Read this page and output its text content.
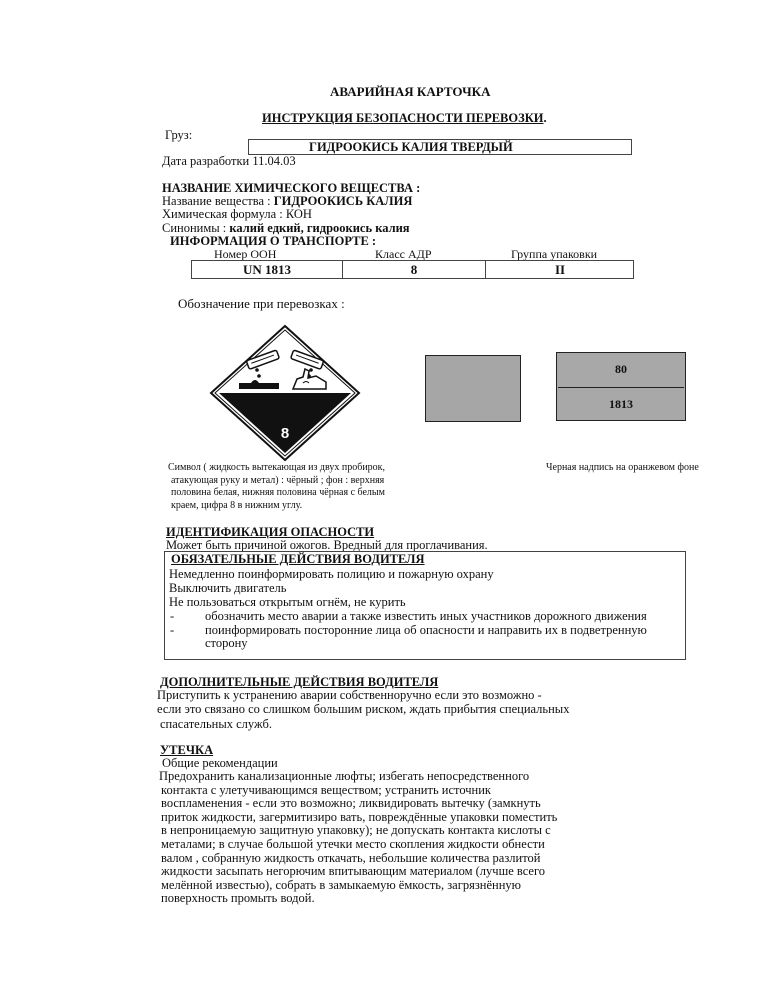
АВАРИЙНАЯ КАРТОЧКА
ИНСТРУКЦИЯ БЕЗОПАСНОСТИ ПЕРЕВОЗКИ.
Груз:
ГИДРООКИСЬ КАЛИЯ ТВЕРДЫЙ
Дата разработки 11.04.03
НАЗВАНИЕ ХИМИЧЕСКОГО ВЕЩЕСТВА :
Название вещества : ГИДРООКИСЬ КАЛИЯ
Химическая формула : КОН
Синонимы : калий едкий, гидроокись калия
ИНФОРМАЦИЯ О ТРАНСПОРТЕ :
Номер ООН	Класс АДР	Группа упаковки
UN 1813	8	II
Обозначение при перевозках :
8
80
1813
Символ ( жидкость вытекающая из двух пробирок,
атакующая руку и метал) : чёрный ; фон : верхняя
половина белая, нижняя половина чёрная с белым
краем, цифра 8 в нижним углу.
Черная надпись на оранжевом фоне
ИДЕНТИФИКАЦИЯ ОПАСНОСТИ
Может быть причиной ожогов. Вредный для проглачивания.
ОБЯЗАТЕЛЬНЫЕ ДЕЙСТВИЯ ВОДИТЕЛЯ
Немедленно поинформировать полицию и пожарную охрану
Выключить двигатель
Не пользоваться открытым огнём, не курить
- обозначить место аварии а также известить иных участников дорожного движения
- поинформировать посторонние лица об опасности и направить их в подветренную
сторону
ДОПОЛНИТЕЛЬНЫЕ ДЕЙСТВИЯ ВОДИТЕЛЯ
Приступить к устранению аварии собственноручно если это возможно -
если это связано со слишком большим риском, ждать прибытия специальных
спасательных служб.
УТЕЧКА
Общие рекомендации
Предохранить канализационные люфты; избегать непосредственного
контакта с улетучивающимся веществом; устранить источник
воспламенения - если это возможно; ликвидировать вытечку (замкнуть
приток жидкости, загермитизиро вать, повреждённые упаковки поместить
в непроницаемую защитную упаковку); не допускать контакта кислоты с
металами; в случае большой утечки место скопления жидкости обнести
валом , собранную жидкость откачать, небольшие количества разлитой
жидкости засыпать негорючим впитывающим материалом (лучше всего
мелённой известью), собрать в замыкаемую ёмкость, загрязнённую
поверхность промыть водой.
